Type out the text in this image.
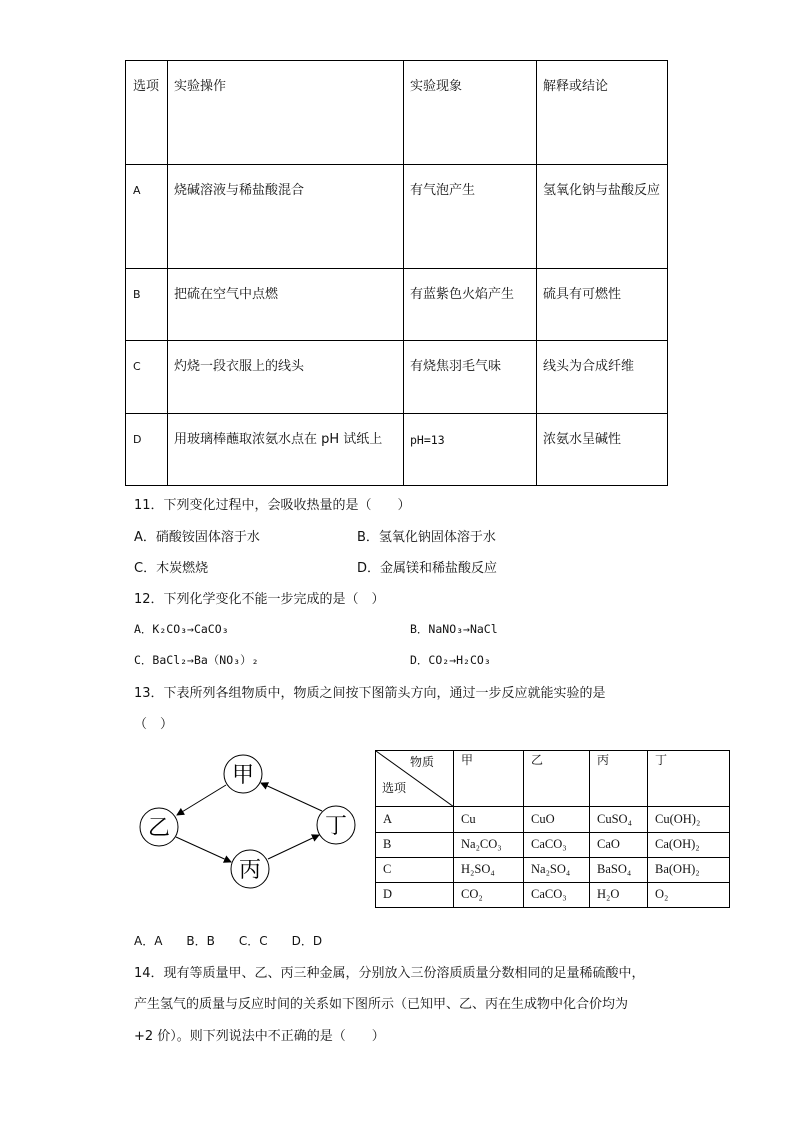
选项	实验操作	实验现象	解释或结论
A	烧碱溶液与稀盐酸混合	有气泡产生	氢氧化钠与盐酸反应
B	把硫在空气中点燃	有蓝紫色火焰产生	硫具有可燃性
C	灼烧一段衣服上的线头	有烧焦羽毛气味	线头为合成纤维
D	用玻璃棒蘸取浓氨水点在 pH 试纸上	pH=13	浓氨水呈碱性
11．下列变化过程中，会吸收热量的是（　　）
A．硝酸铵固体溶于水	B．氢氧化钠固体溶于水
C．木炭燃烧	D．金属镁和稀盐酸反应
12．下列化学变化不能一步完成的是（　）
A．K₂CO₃→CaCO₃	B．NaNO₃→NaCl
C．BaCl₂→Ba（NO₃）₂	D．CO₂→H₂CO₃
13．下表所列各组物质中，物质之间按下图箭头方向，通过一步反应就能实验的是
（　）
甲
乙
丙
丁
物质
选项	甲	乙	丙	丁
A	Cu	CuO	CuSO₄	Cu(OH)₂
B	Na₂CO₃	CaCO₃	CaO	Ca(OH)₂
C	H₂SO₄	Na₂SO₄	BaSO₄	Ba(OH)₂
D	CO₂	CaCO₃	H₂O	O₂
A．A　　B．B　　C．C　　D．D
14．现有等质量甲、乙、丙三种金属，分别放入三份溶质质量分数相同的足量稀硫酸中，
产生氢气的质量与反应时间的关系如下图所示（已知甲、乙、丙在生成物中化合价均为
+2 价）。则下列说法中不正确的是（　　）
